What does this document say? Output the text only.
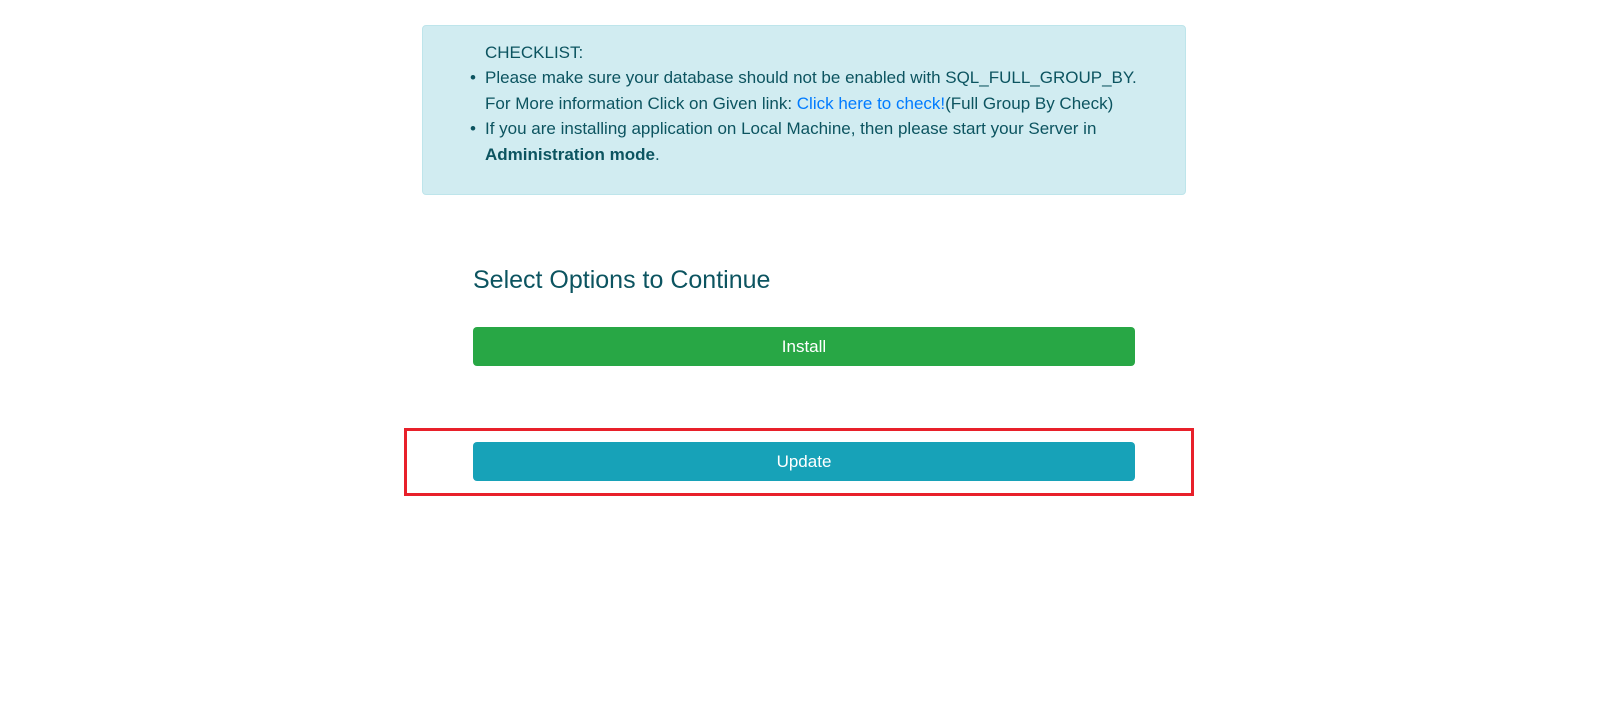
CHECKLIST:
• Please make sure your database should not be enabled with SQL_FULL_GROUP_BY.
For More information Click on Given link: Click here to check!(Full Group By Check)
• If you are installing application on Local Machine, then please start your Server in Administration mode.
Select Options to Continue
Install
Update
